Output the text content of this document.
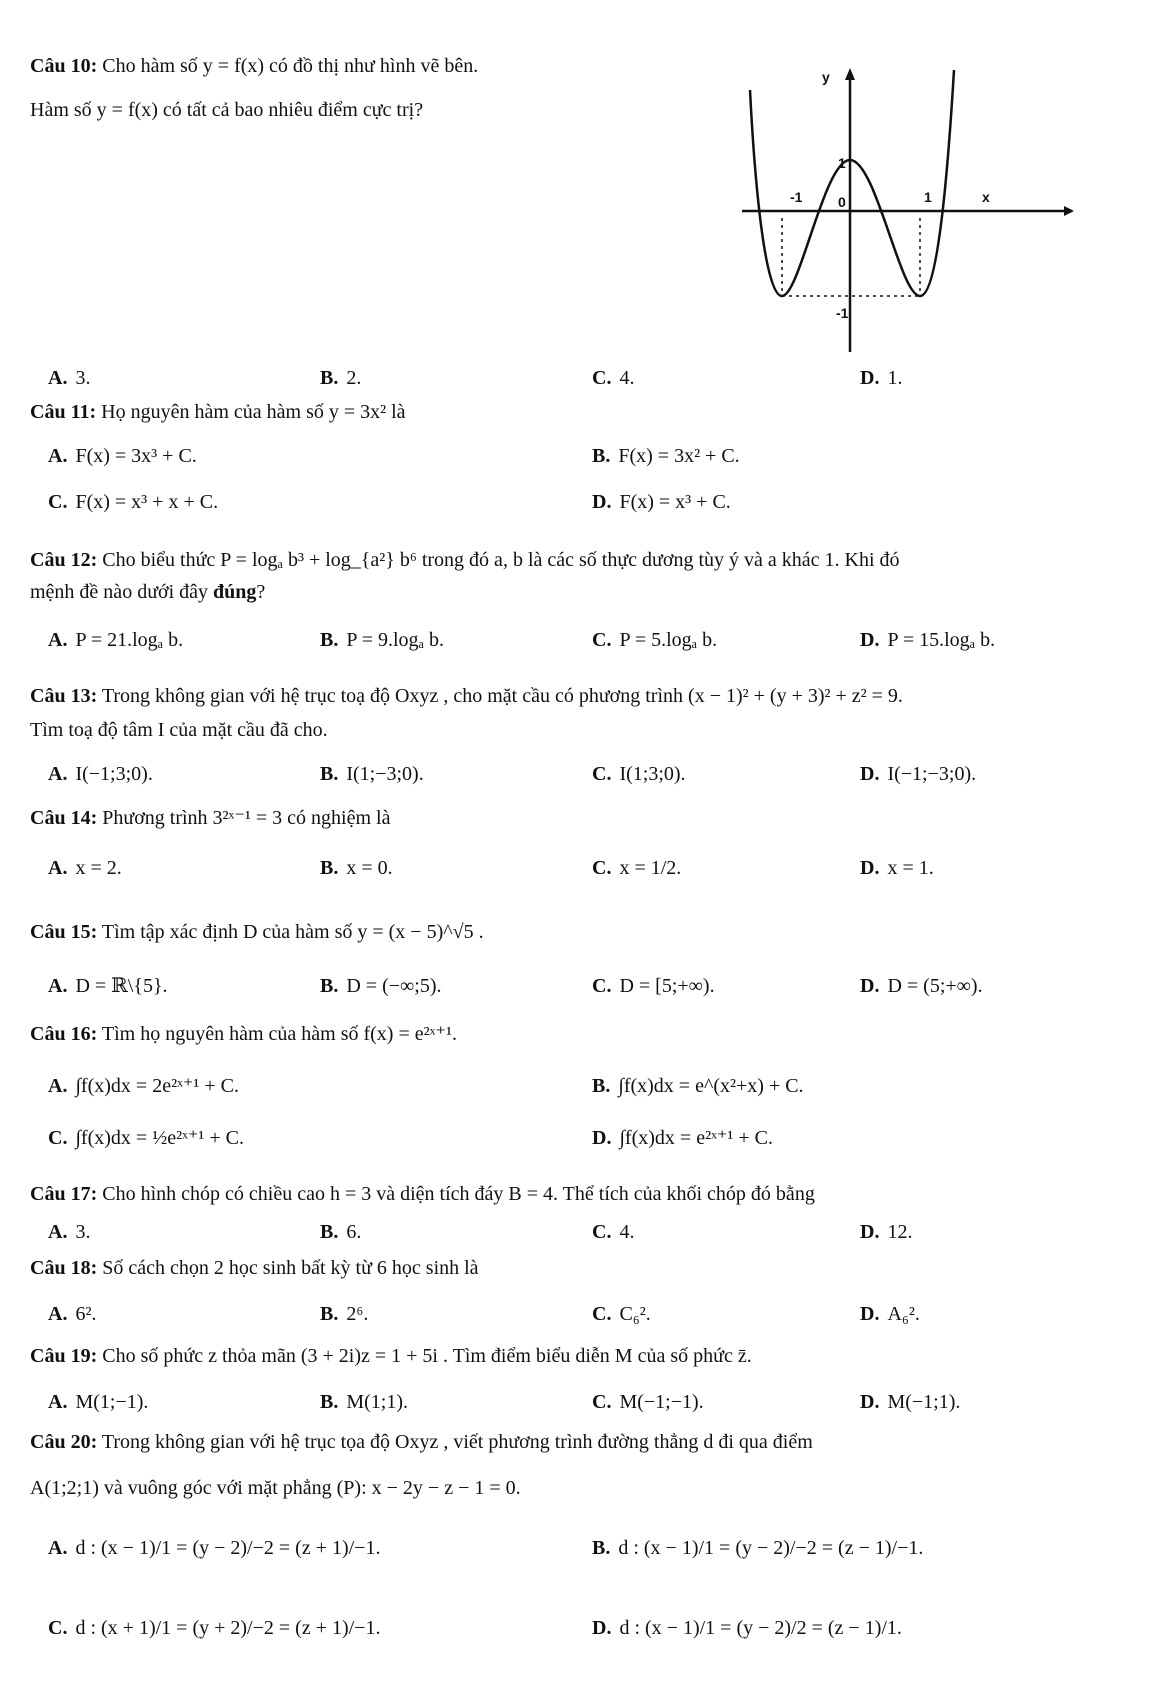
Câu 10: Cho hàm số y = f(x) có đồ thị như hình vẽ bên.
Hàm số y = f(x) có tất cả bao nhiêu điểm cực trị?
y
x
-1	0	1
1
-1
A. 3.	B. 2.	C. 4.	D. 1.
Câu 11: Họ nguyên hàm của hàm số y = 3x² là
A. F(x) = 3x³ + C.	B. F(x) = 3x² + C.
C. F(x) = x³ + x + C.	D. F(x) = x³ + C.
Câu 12: Cho biểu thức P = logₐ b³ + log_{a²} b⁶ trong đó a, b là các số thực dương tùy ý và a khác 1. Khi đó
mệnh đề nào dưới đây đúng?
A. P = 21.logₐ b.	B. P = 9.logₐ b.	C. P = 5.logₐ b.	D. P = 15.logₐ b.
Câu 13: Trong không gian với hệ trục toạ độ Oxyz , cho mặt cầu có phương trình (x − 1)² + (y + 3)² + z² = 9.
Tìm toạ độ tâm I của mặt cầu đã cho.
A. I(−1;3;0).	B. I(1;−3;0).	C. I(1;3;0).	D. I(−1;−3;0).
Câu 14: Phương trình 3²ˣ⁻¹ = 3 có nghiệm là
A. x = 2.	B. x = 0.	C. x = 1/2.	D. x = 1.
Câu 15: Tìm tập xác định D của hàm số y = (x − 5)^√5 .
A. D = ℝ\{5}.	B. D = (−∞;5).	C. D = [5;+∞).	D. D = (5;+∞).
Câu 16: Tìm họ nguyên hàm của hàm số f(x) = e²ˣ⁺¹.
A. ∫f(x)dx = 2e²ˣ⁺¹ + C.	B. ∫f(x)dx = e^(x²+x) + C.
C. ∫f(x)dx = ½e²ˣ⁺¹ + C.	D. ∫f(x)dx = e²ˣ⁺¹ + C.
Câu 17: Cho hình chóp có chiều cao h = 3 và diện tích đáy B = 4. Thể tích của khối chóp đó bằng
A. 3.	B. 6.	C. 4.	D. 12.
Câu 18: Số cách chọn 2 học sinh bất kỳ từ 6 học sinh là
A. 6².	B. 2⁶.	C. C₆².	D. A₆².
Câu 19: Cho số phức z thỏa mãn (3 + 2i)z = 1 + 5i . Tìm điểm biểu diễn M của số phức z̄.
A. M(1;−1).	B. M(1;1).	C. M(−1;−1).	D. M(−1;1).
Câu 20: Trong không gian với hệ trục tọa độ Oxyz , viết phương trình đường thẳng d đi qua điểm
A(1;2;1) và vuông góc với mặt phẳng (P): x − 2y − z − 1 = 0.
A. d : (x − 1)/1 = (y − 2)/−2 = (z + 1)/−1.	B. d : (x − 1)/1 = (y − 2)/−2 = (z − 1)/−1.
C. d : (x + 1)/1 = (y + 2)/−2 = (z + 1)/−1.	D. d : (x − 1)/1 = (y − 2)/2 = (z − 1)/1.
